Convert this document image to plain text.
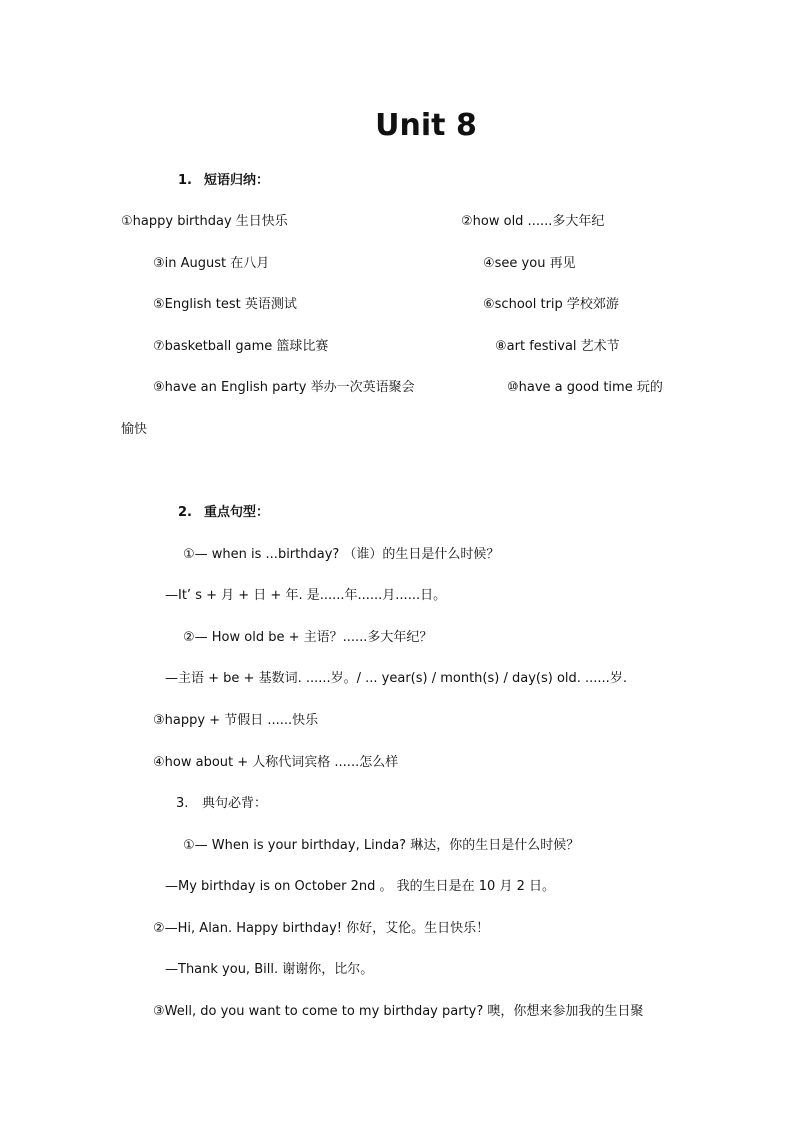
Unit 8
1. 短语归纳：
①happy birthday 生日快乐	②how old ......多大年纪
③in August 在八月	④see you 再见
⑤English test 英语测试	⑥school trip 学校郊游
⑦basketball game 篮球比赛	⑧art festival 艺术节
⑨have an English party 举办一次英语聚会	⑩have a good time 玩的
愉快
2. 重点句型：
①— when is ...birthday? （谁）的生日是什么时候？
—It’ s + 月 + 日 + 年. 是......年......月......日。
②— How old be + 主语？......多大年纪？
—主语 + be + 基数词. ......岁。/ ... year(s) / month(s) / day(s) old. ......岁.
③happy + 节假日 ......快乐
④how about + 人称代词宾格 ......怎么样
3. 典句必背：
①— When is your birthday, Linda? 琳达，你的生日是什么时候？
—My birthday is on October 2nd 。 我的生日是在 10 月 2 日。
②—Hi, Alan. Happy birthday! 你好，艾伦。生日快乐！
—Thank you, Bill. 谢谢你，比尔。
③Well, do you want to come to my birthday party? 噢，你想来参加我的生日聚
